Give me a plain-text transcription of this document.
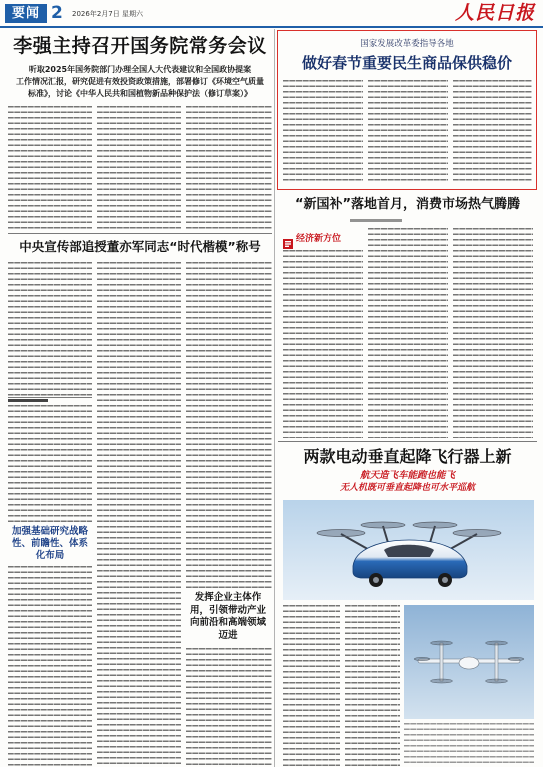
要闻 2 2026年2月7日 星期六	人民日报
李强主持召开国务院常务会议
听取2025年国务院部门办理全国人大代表建议和全国政协提案
工作情况汇报，研究促进有效投资政策措施，部署修订《环境空气质量
标准》，讨论《中华人民共和国植物新品种保护法（修订草案）》
中央宣传部追授董亦军同志“时代楷模”称号
加强基础研究战略性、前瞻性、体系化布局
发挥企业主体作用，引领带动产业向前沿和高端领域迈进
国家发展改革委指导各地
做好春节重要民生商品保供稳价
“新国补”落地首月，消费市场热气腾腾
经济新方位
两款电动垂直起降飞行器上新
航天造飞车能跑也能飞
无人机既可垂直起降也可水平巡航
